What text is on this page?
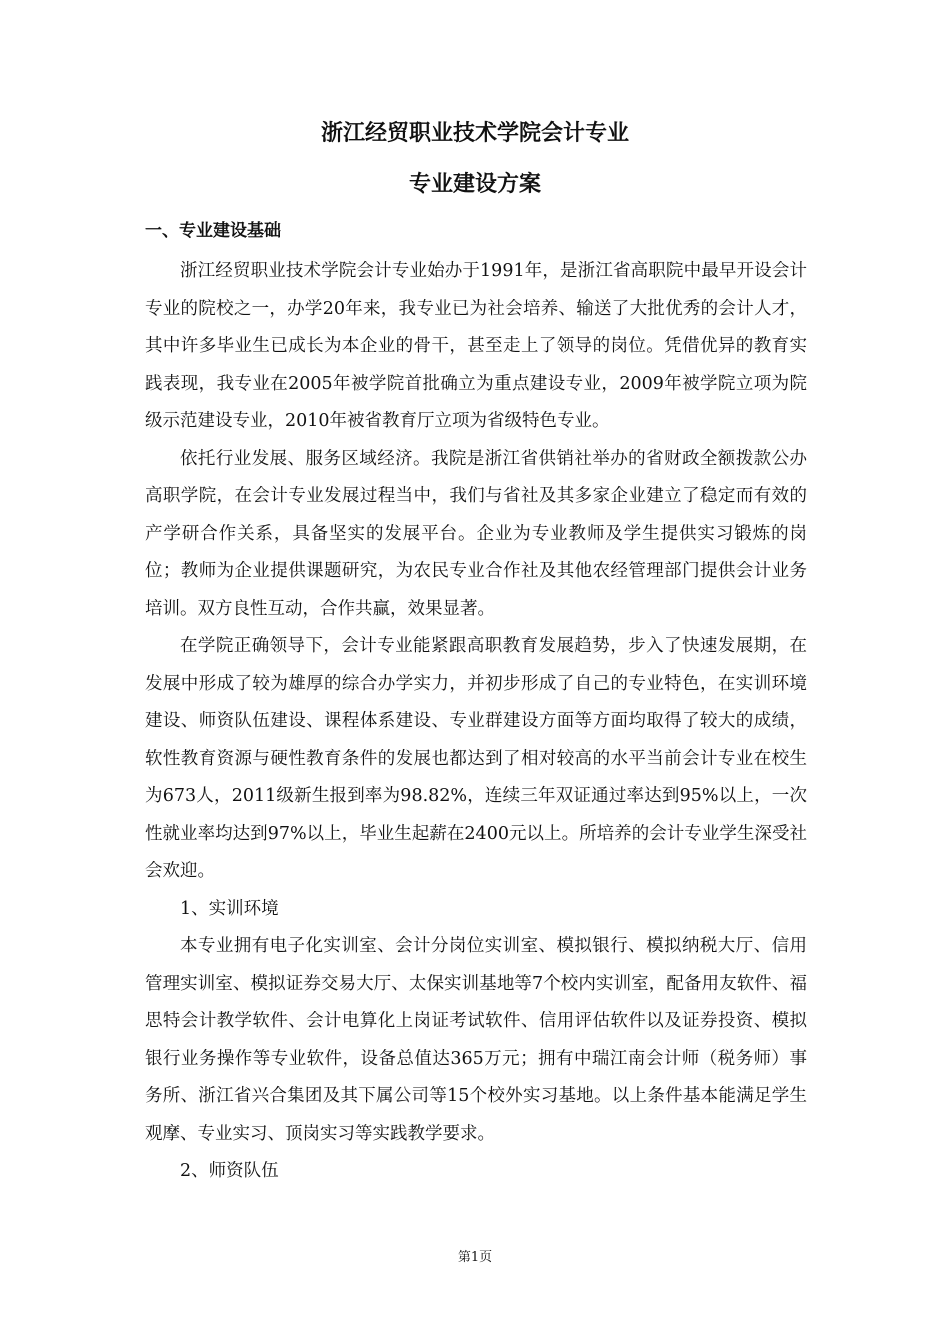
浙江经贸职业技术学院会计专业
专业建设方案
一、专业建设基础

浙江经贸职业技术学院会计专业始办于1991年，是浙江省高职院中最早开设会计专业的院校之一，办学20年来，我专业已为社会培养、输送了大批优秀的会计人才，其中许多毕业生已成长为本企业的骨干，甚至走上了领导的岗位。凭借优异的教育实践表现，我专业在2005年被学院首批确立为重点建设专业，2009年被学院立项为院级示范建设专业，2010年被省教育厅立项为省级特色专业。

依托行业发展、服务区域经济。我院是浙江省供销社举办的省财政全额拨款公办高职学院，在会计专业发展过程当中，我们与省社及其多家企业建立了稳定而有效的产学研合作关系，具备坚实的发展平台。企业为专业教师及学生提供实习锻炼的岗位；教师为企业提供课题研究，为农民专业合作社及其他农经管理部门提供会计业务培训。双方良性互动，合作共赢，效果显著。

在学院正确领导下，会计专业能紧跟高职教育发展趋势，步入了快速发展期，在发展中形成了较为雄厚的综合办学实力，并初步形成了自己的专业特色，在实训环境建设、师资队伍建设、课程体系建设、专业群建设方面等方面均取得了较大的成绩，软性教育资源与硬性教育条件的发展也都达到了相对较高的水平当前会计专业在校生为673人，2011级新生报到率为98.82%，连续三年双证通过率达到95%以上，一次性就业率均达到97%以上，毕业生起薪在2400元以上。所培养的会计专业学生深受社会欢迎。

1、实训环境

本专业拥有电子化实训室、会计分岗位实训室、模拟银行、模拟纳税大厅、信用管理实训室、模拟证券交易大厅、太保实训基地等7个校内实训室，配备用友软件、福思特会计教学软件、会计电算化上岗证考试软件、信用评估软件以及证券投资、模拟银行业务操作等专业软件，设备总值达365万元；拥有中瑞江南会计师（税务师）事务所、浙江省兴合集团及其下属公司等15个校外实习基地。以上条件基本能满足学生观摩、专业实习、顶岗实习等实践教学要求。

2、师资队伍

第1页
